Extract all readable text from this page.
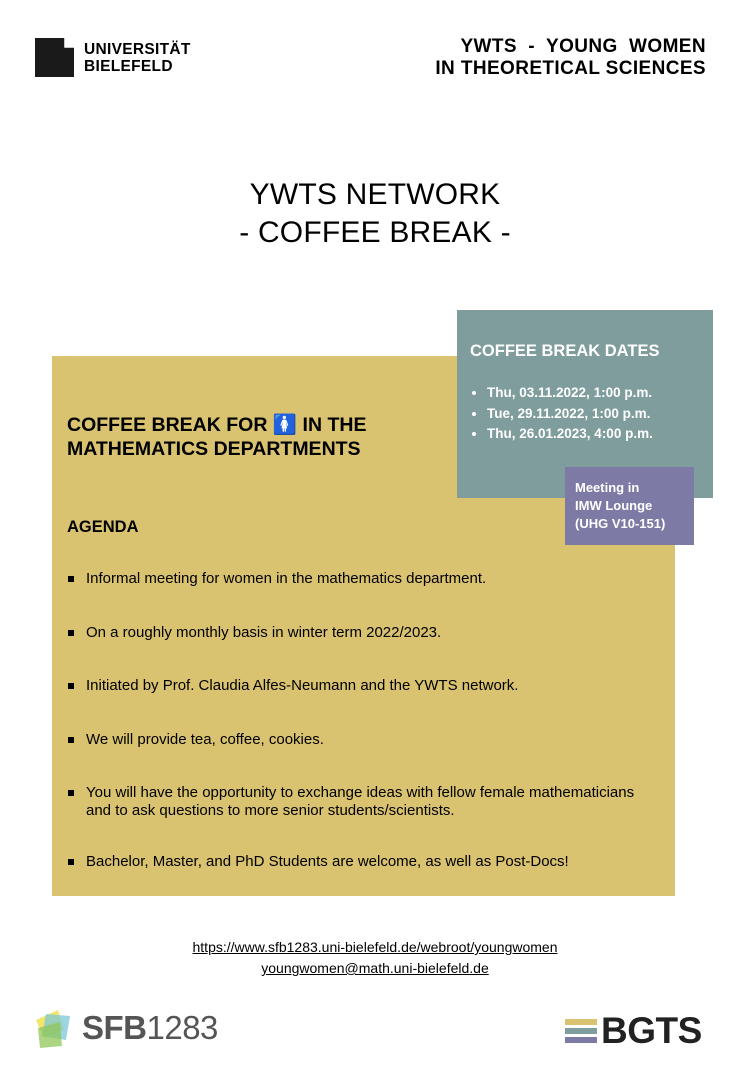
UNIVERSITÄT
BIELEFELD
YWTS  -  YOUNG  WOMEN
IN THEORETICAL SCIENCES
YWTS NETWORK
- COFFEE BREAK -
COFFEE BREAK FOR 🚺 IN THE
MATHEMATICS DEPARTMENTS
AGENDA
Informal meeting for women in the mathematics department.
On a roughly monthly basis in winter term 2022/2023.
Initiated by Prof. Claudia Alfes-Neumann and the YWTS network.
We will provide tea, coffee, cookies.
You will have the opportunity to exchange ideas with fellow female mathematicians and to ask questions to more senior students/scientists.
Bachelor, Master, and PhD Students are welcome, as well as Post-Docs!
COFFEE BREAK DATES
Thu, 03.11.2022, 1:00 p.m.
Tue, 29.11.2022, 1:00 p.m.
Thu, 26.01.2023, 4:00 p.m.
Meeting in
IMW Lounge
(UHG V10-151)
https://www.sfb1283.uni-bielefeld.de/webroot/youngwomen
youngwomen@math.uni-bielefeld.de
SFB1283	BGTS
